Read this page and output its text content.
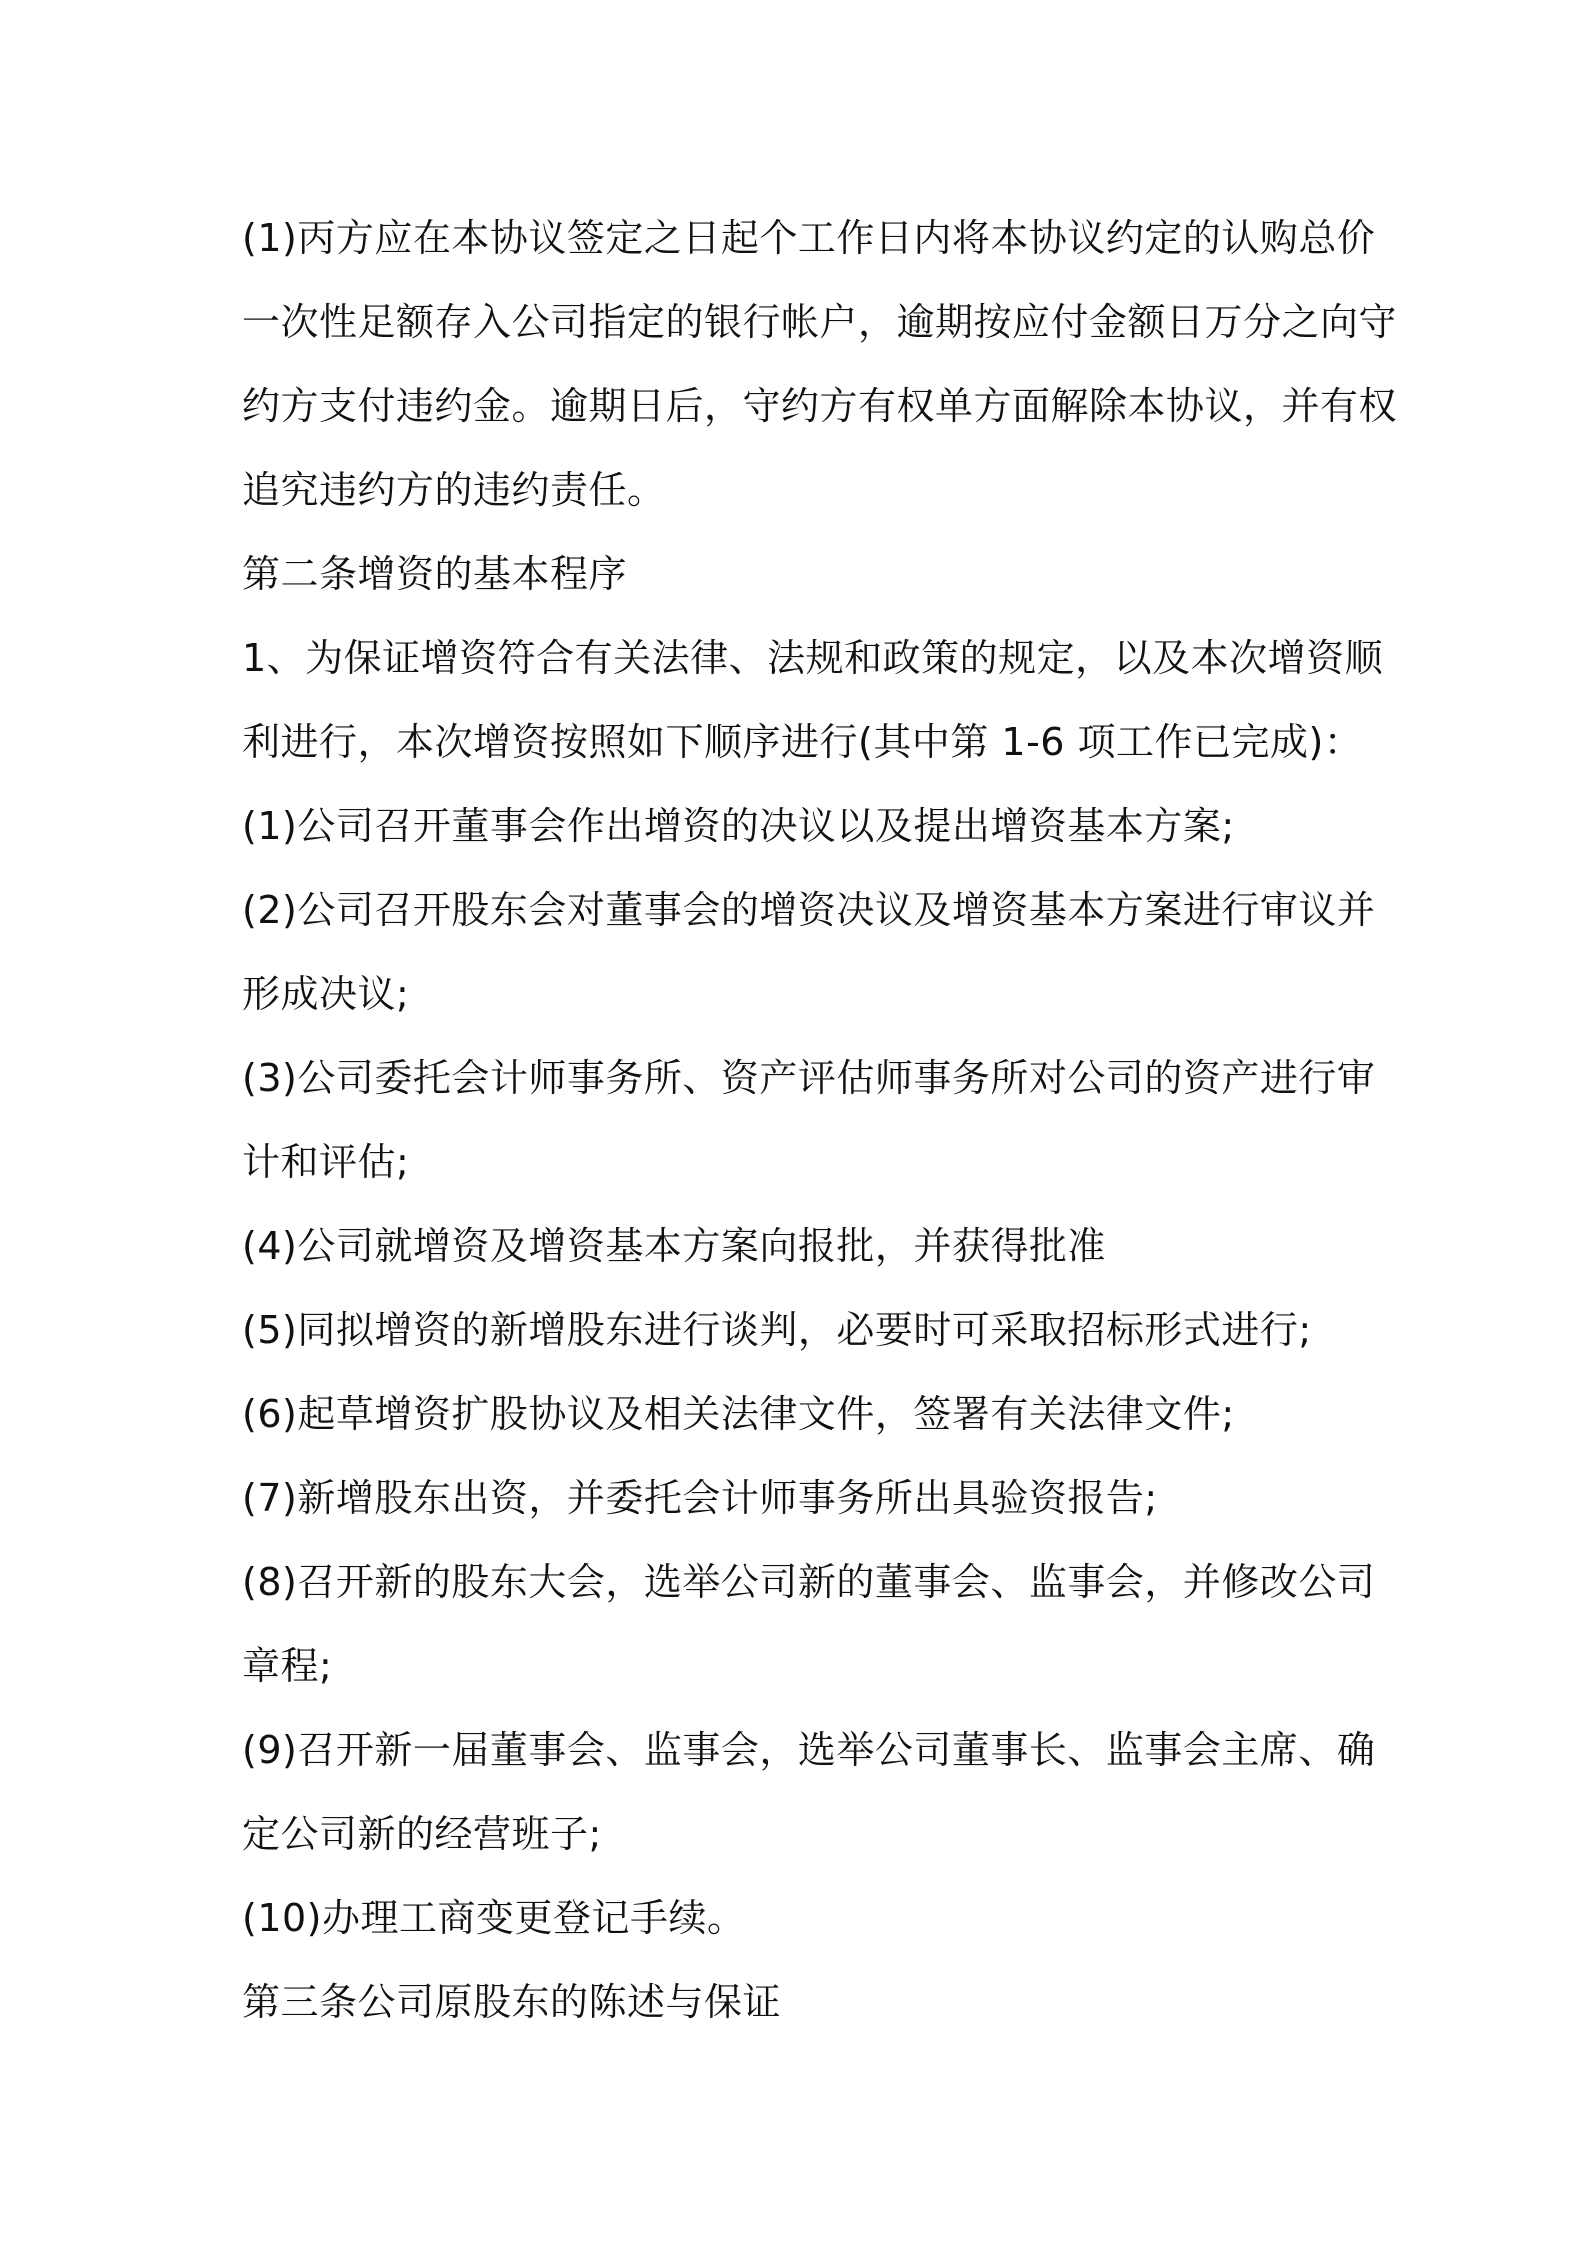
(1)丙方应在本协议签定之日起个工作日内将本协议约定的认购总价
一次性足额存入公司指定的银行帐户，逾期按应付金额日万分之向守
约方支付违约金。逾期日后，守约方有权单方面解除本协议，并有权
追究违约方的违约责任。
第二条增资的基本程序
1、为保证增资符合有关法律、法规和政策的规定，以及本次增资顺
利进行，本次增资按照如下顺序进行(其中第 1-6 项工作已完成)：
(1)公司召开董事会作出增资的决议以及提出增资基本方案;
(2)公司召开股东会对董事会的增资决议及增资基本方案进行审议并
形成决议;
(3)公司委托会计师事务所、资产评估师事务所对公司的资产进行审
计和评估;
(4)公司就增资及增资基本方案向报批，并获得批准
(5)同拟增资的新增股东进行谈判，必要时可采取招标形式进行;
(6)起草增资扩股协议及相关法律文件，签署有关法律文件;
(7)新增股东出资，并委托会计师事务所出具验资报告;
(8)召开新的股东大会，选举公司新的董事会、监事会，并修改公司
章程;
(9)召开新一届董事会、监事会，选举公司董事长、监事会主席、确
定公司新的经营班子;
(10)办理工商变更登记手续。
第三条公司原股东的陈述与保证
